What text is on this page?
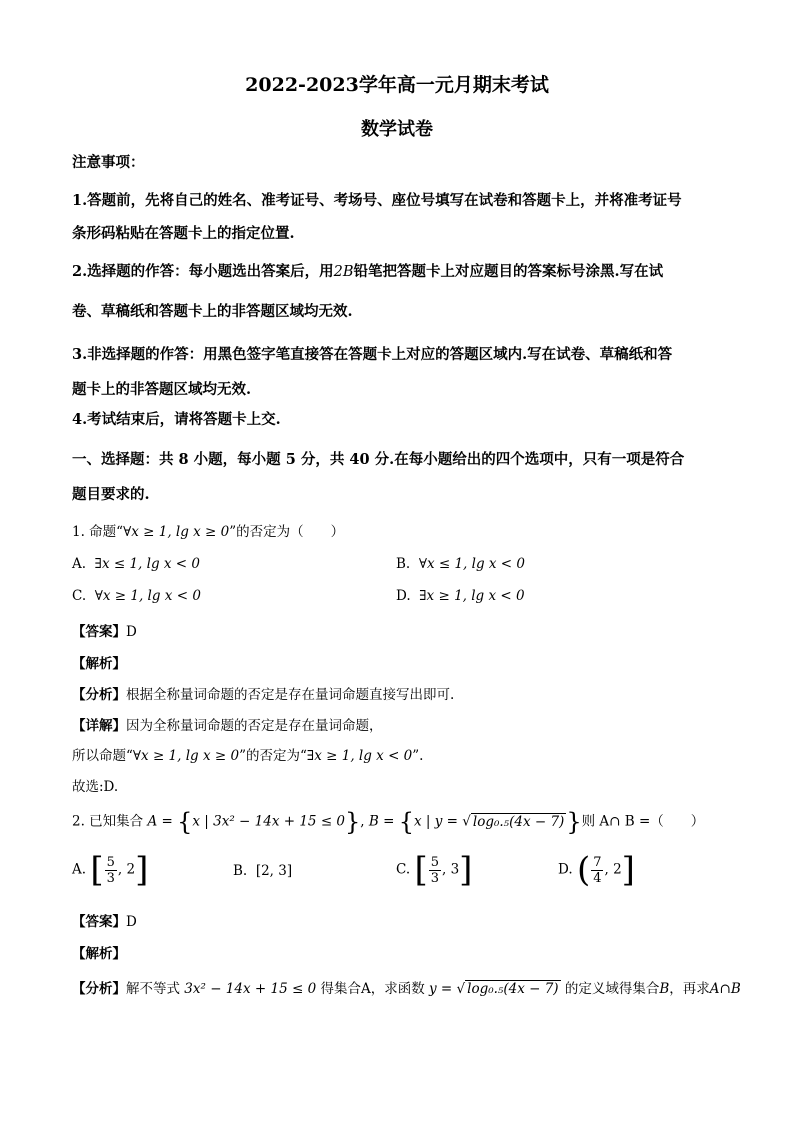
2022-2023学年高一元月期末考试
数学试卷
注意事项：
1.答题前，先将自己的姓名、准考证号、考场号、座位号填写在试卷和答题卡上，并将准考证号
条形码粘贴在答题卡上的指定位置.
2.选择题的作答：每小题选出答案后，用2B铅笔把答题卡上对应题目的答案标号涂黑.写在试
卷、草稿纸和答题卡上的非答题区域均无效.
3.非选择题的作答：用黑色签字笔直接答在答题卡上对应的答题区域内.写在试卷、草稿纸和答
题卡上的非答题区域均无效.
4.考试结束后，请将答题卡上交.
一、选择题：共 8 小题，每小题 5 分，共 40 分.在每小题给出的四个选项中，只有一项是符合
题目要求的.
1. 命题“∀x ≥ 1, lg x ≥ 0”的否定为（　　）
A. ∃x ≤ 1, lg x < 0	B. ∀x ≤ 1, lg x < 0
C. ∀x ≥ 1, lg x < 0	D. ∃x ≥ 1, lg x < 0
【答案】D
【解析】
【分析】根据全称量词命题的否定是存在量词命题直接写出即可.
【详解】因为全称量词命题的否定是存在量词命题，
所以命题“∀x ≥ 1, lg x ≥ 0”的否定为“∃x ≥ 1, lg x < 0”.
故选:D.
2. 已知集合 A = {x | 3x² − 14x + 15 ≤ 0}, B = {x | y = √ log₀.₅(4x − 7)}则 A∩ B =（　　）
A. [ $\frac{5}{3}$ , 2]	B. [2, 3]	C. [ $\frac{5}{3}$ , 3]	D. ( $\frac{7}{4}$ , 2]
【答案】D
【解析】
【分析】解不等式 3x² − 14x + 15 ≤ 0 得集合A，求函数 y = √ log₀.₅(4x − 7) 的定义域得集合B，再求A∩B
